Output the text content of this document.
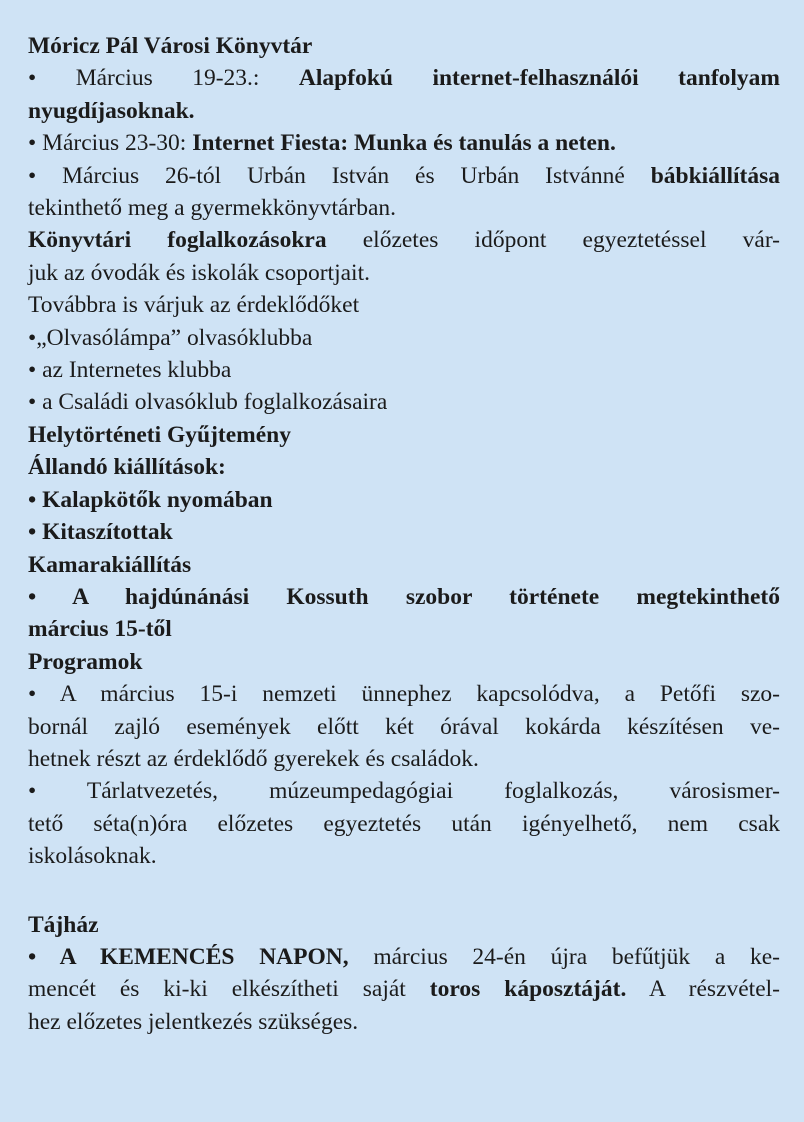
Móricz Pál Városi Könyvtár
• Március 19-23.: Alapfokú internet-felhasználói tanfolyam
nyugdíjasoknak.
• Március 23-30: Internet Fiesta: Munka és tanulás a neten.
• Március 26-tól Urbán István és Urbán Istvánné bábkiállítása
tekinthető meg a gyermekkönyvtárban.
Könyvtári foglalkozásokra előzetes időpont egyeztetéssel vár-
juk az óvodák és iskolák csoportjait.
Továbbra is várjuk az érdeklődőket
•„Olvasólámpa” olvasóklubba
• az Internetes klubba
• a Családi olvasóklub foglalkozásaira
Helytörténeti Gyűjtemény
Állandó kiállítások:
• Kalapkötők nyomában
• Kitaszítottak
Kamarakiállítás
• A hajdúnánási Kossuth szobor története megtekinthető
március 15-től
Programok
• A március 15-i nemzeti ünnephez kapcsolódva, a Petőfi szo-
bornál zajló események előtt két órával kokárda készítésen ve-
hetnek részt az érdeklődő gyerekek és családok.
• Tárlatvezetés, múzeumpedagógiai foglalkozás, városismer-
tető séta(n)óra előzetes egyeztetés után igényelhető, nem csak
iskolásoknak.
Tájház
• A KEMENCÉS NAPON, március 24-én újra befűtjük a ke-
mencét és ki-ki elkészítheti saját toros káposztáját. A részvétel-
hez előzetes jelentkezés szükséges.
